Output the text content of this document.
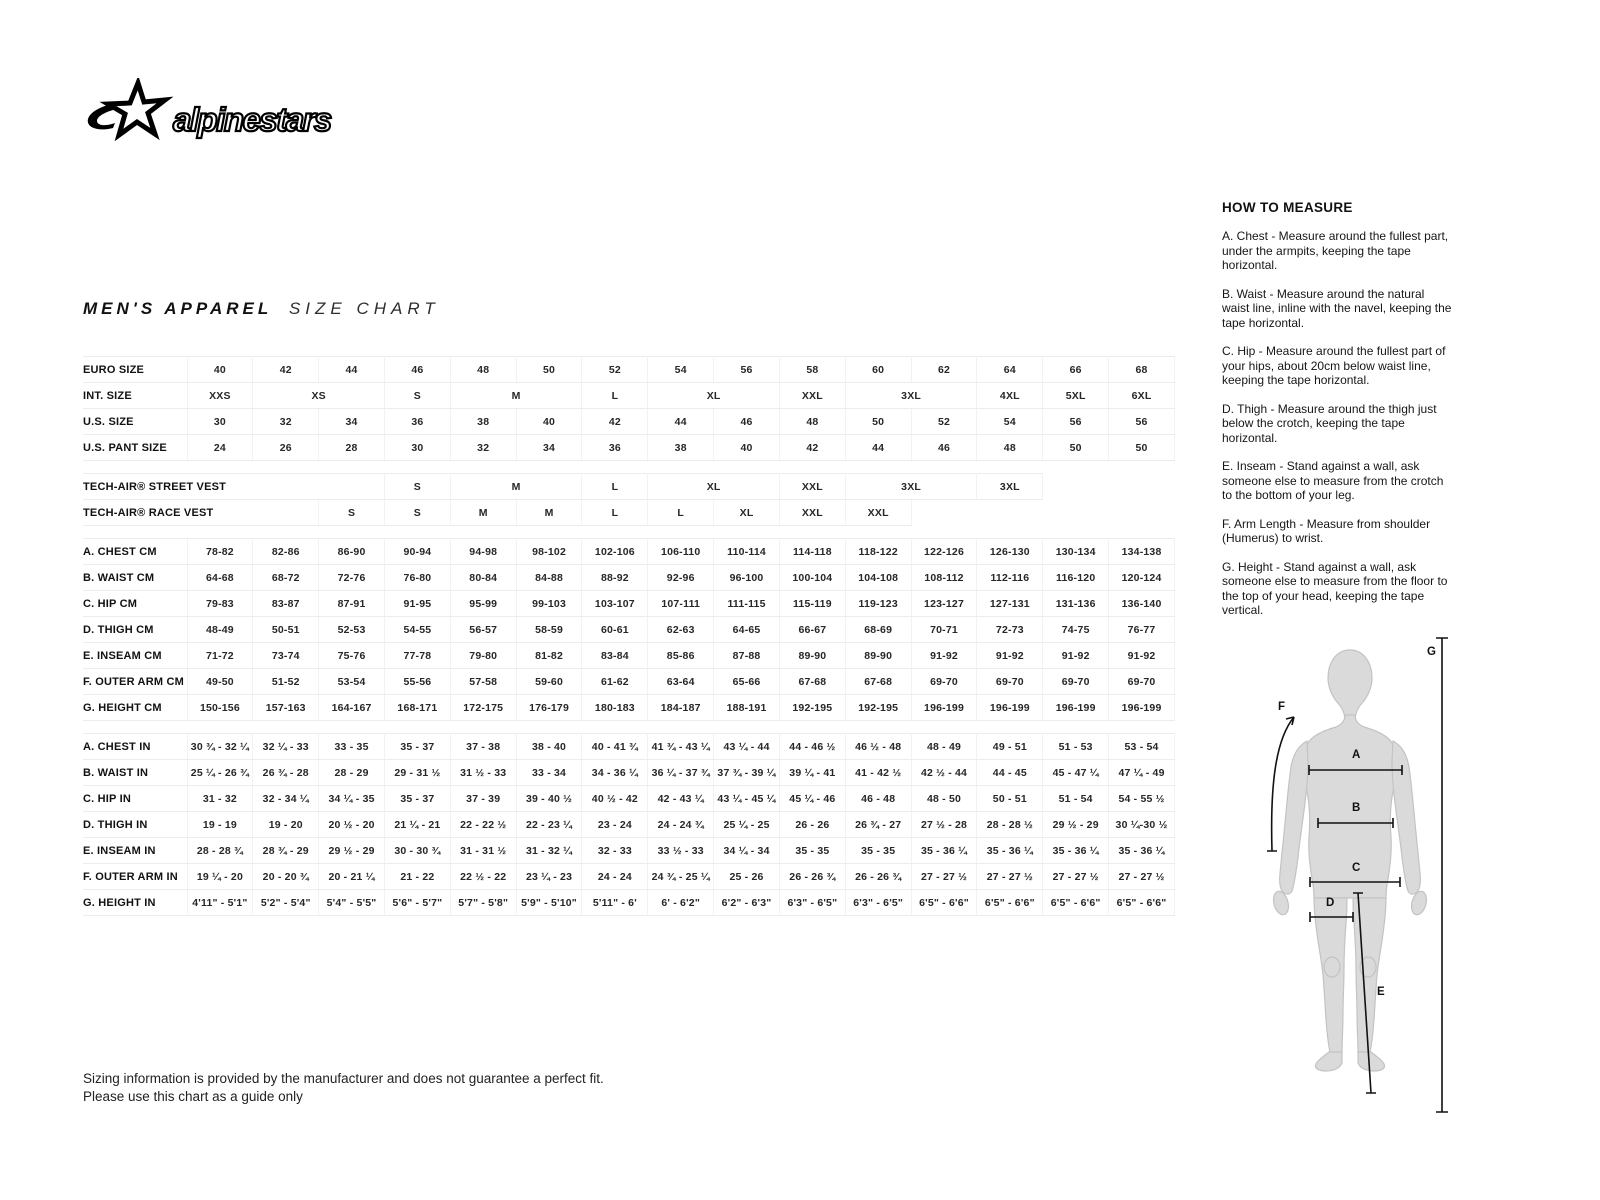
alpinestars
MEN'S APPAREL SIZE CHART
EURO SIZE	40	42	44	46	48	50	52	54	56	58	60	62	64	66	68
INT. SIZE	XXS	XS		S	M		L	XL		XXL	3XL		4XL	5XL	6XL
U.S. SIZE	30	32	34	36	38	40	42	44	46	48	50	52	54	56	56
U.S. PANT SIZE	24	26	28	30	32	34	36	38	40	42	44	46	48	50	50

TECH-AIR® STREET VEST				S	M		L	XL		XXL	3XL		3XL		
TECH-AIR® RACE VEST			S	S	M	M	L	L	XL	XXL	XXL				

A. CHEST CM	78-82	82-86	86-90	90-94	94-98	98-102	102-106	106-110	110-114	114-118	118-122	122-126	126-130	130-134	134-138
B. WAIST CM	64-68	68-72	72-76	76-80	80-84	84-88	88-92	92-96	96-100	100-104	104-108	108-112	112-116	116-120	120-124
C. HIP CM	79-83	83-87	87-91	91-95	95-99	99-103	103-107	107-111	111-115	115-119	119-123	123-127	127-131	131-136	136-140
D. THIGH CM	48-49	50-51	52-53	54-55	56-57	58-59	60-61	62-63	64-65	66-67	68-69	70-71	72-73	74-75	76-77
E. INSEAM CM	71-72	73-74	75-76	77-78	79-80	81-82	83-84	85-86	87-88	89-90	89-90	91-92	91-92	91-92	91-92
F. OUTER ARM CM	49-50	51-52	53-54	55-56	57-58	59-60	61-62	63-64	65-66	67-68	67-68	69-70	69-70	69-70	69-70
G. HEIGHT CM	150-156	157-163	164-167	168-171	172-175	176-179	180-183	184-187	188-191	192-195	192-195	196-199	196-199	196-199	196-199

A. CHEST IN	30 ¾ - 32 ¼	32 ¼ - 33	33 - 35	35 - 37	37 - 38	38 - 40	40 - 41 ¾	41 ¾ - 43 ¼	43 ¼ - 44	44 - 46 ½	46 ½ - 48	48 - 49	49 - 51	51 - 53	53 - 54
B. WAIST IN	25 ¼ - 26 ¾	26 ¾ - 28	28 - 29	29 - 31 ½	31 ½ - 33	33 - 34	34 - 36 ¼	36 ¼ - 37 ¾	37 ¾ - 39 ¼	39 ¼ - 41	41 - 42 ½	42 ½ - 44	44 - 45	45 - 47 ¼	47 ¼ - 49
C. HIP IN	31 - 32	32 - 34 ¼	34 ¼ - 35	35 - 37	37 - 39	39 - 40 ½	40 ½ - 42	42 - 43 ¼	43 ¼ - 45 ¼	45 ¼ - 46	46 - 48	48 - 50	50 - 51	51 - 54	54 - 55 ½
D. THIGH IN	19 - 19	19 - 20	20 ½ - 20	21 ¼ - 21	22 - 22 ½	22 - 23 ¼	23 - 24	24 - 24 ¾	25 ¼ - 25	26 - 26	26 ¾ - 27	27 ½ - 28	28 - 28 ½	29 ½ - 29	30 ¼-30 ½
E. INSEAM IN	28 - 28 ¾	28 ¾ - 29	29 ½ - 29	30 - 30 ¾	31 - 31 ½	31 - 32 ¼	32 - 33	33 ½ - 33	34 ¼ - 34	35 - 35	35 - 35	35 - 36 ¼	35 - 36 ¼	35 - 36 ¼	35 - 36 ¼
F. OUTER ARM IN	19 ¼ - 20	20 - 20 ¾	20 - 21 ¼	21 - 22	22 ½ - 22	23 ¼ - 23	24 - 24	24 ¾ - 25 ¼	25 - 26	26 - 26 ¾	26 - 26 ¾	27 - 27 ½	27 - 27 ½	27 - 27 ½	27 - 27 ½
G. HEIGHT IN	4'11" - 5'1"	5'2" - 5'4"	5'4" - 5'5"	5'6" - 5'7"	5'7" - 5'8"	5'9" - 5'10"	5'11" - 6'	6' - 6'2"	6'2" - 6'3"	6'3" - 6'5"	6'3" - 6'5"	6'5" - 6'6"	6'5" - 6'6"	6'5" - 6'6"	6'5" - 6'6"
HOW TO MEASURE

A. Chest - Measure around the fullest part, under the armpits, keeping the tape horizontal.

B. Waist - Measure around the natural waist line, inline with the navel, keeping the tape horizontal.

C. Hip - Measure around the fullest part of your hips, about 20cm below waist line, keeping the tape horizontal.

D. Thigh - Measure around the thigh just below the crotch, keeping the tape horizontal.

E. Inseam - Stand against a wall, ask someone else to measure from the crotch to the bottom of your leg.

F. Arm Length - Measure from shoulder (Humerus) to wrist.

G. Height - Stand against a wall, ask someone else to measure from the floor to the top of your head, keeping the tape vertical.

A
B
C
D
E
F
G
Sizing information is provided by the manufacturer and does not guarantee a perfect fit.
Please use this chart as a guide only
